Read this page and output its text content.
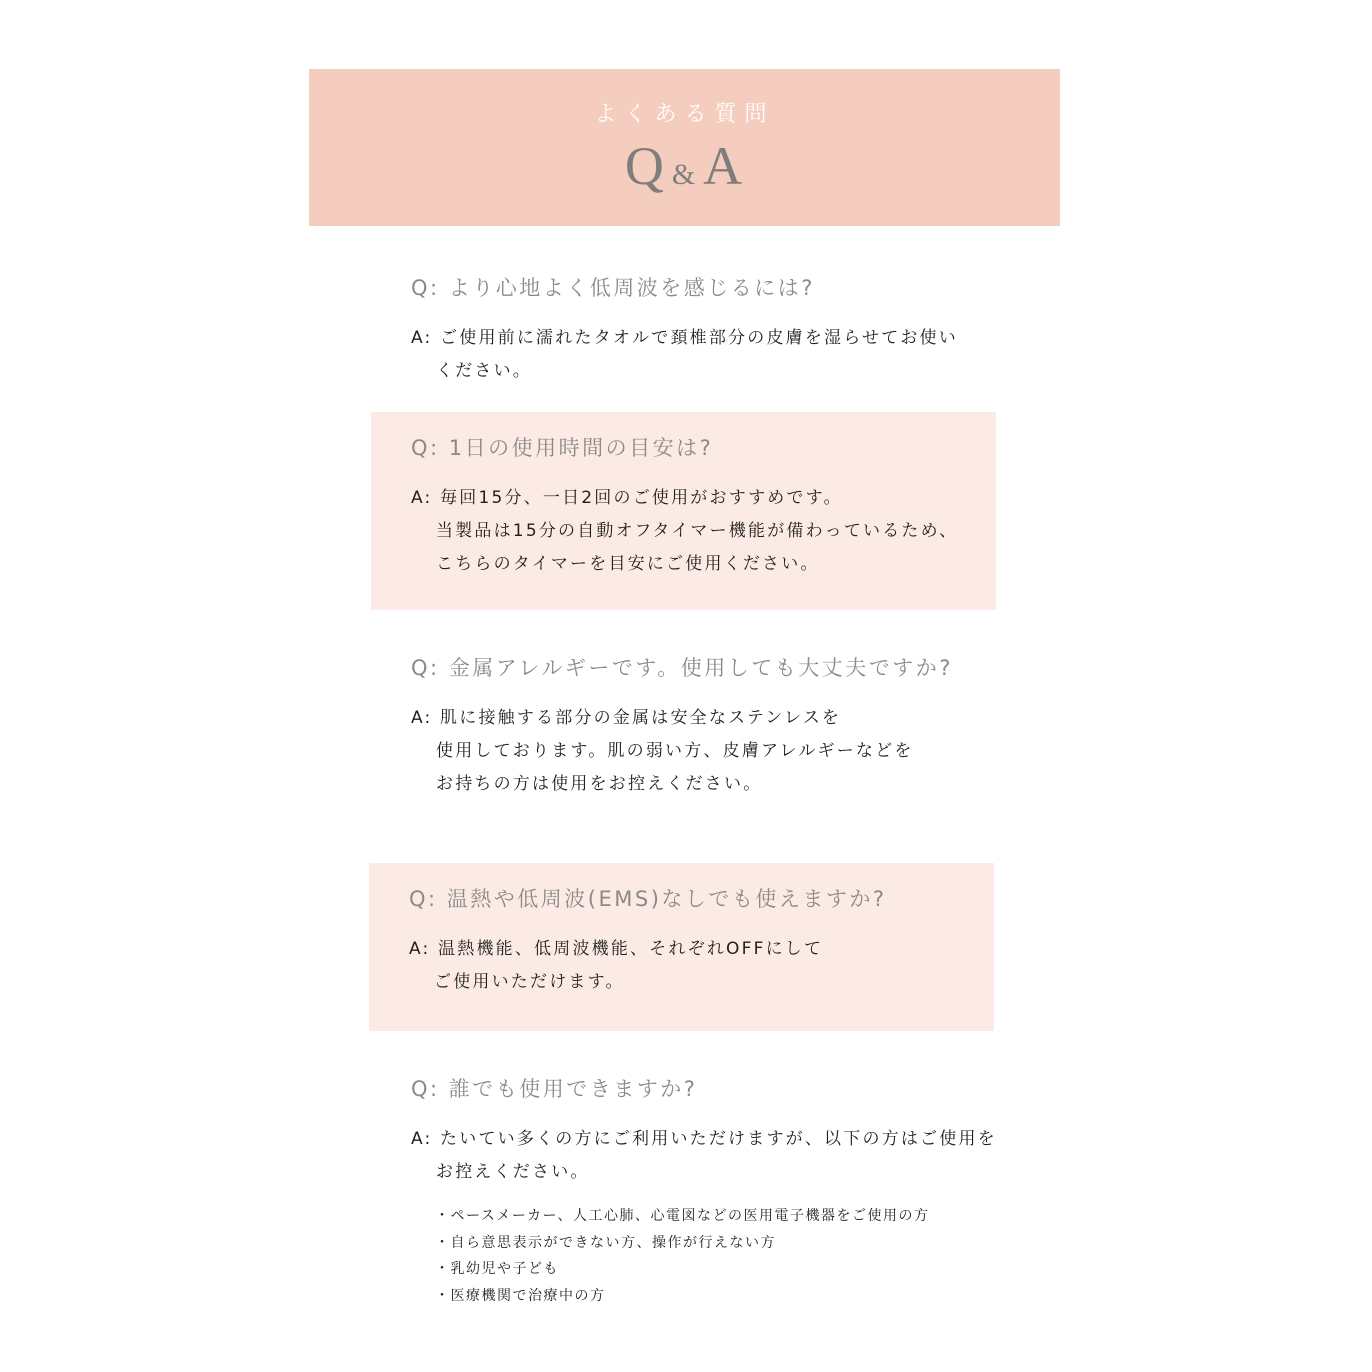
よくある質問
Q & A
Q: より心地よく低周波を感じるには?
A: ご使用前に濡れたタオルで頚椎部分の皮膚を湿らせてお使い
ください。
Q: 1日の使用時間の目安は?
A: 毎回15分、一日2回のご使用がおすすめです。
当製品は15分の自動オフタイマー機能が備わっているため、
こちらのタイマーを目安にご使用ください。
Q: 金属アレルギーです。使用しても大丈夫ですか?
A: 肌に接触する部分の金属は安全なステンレスを
使用しております。肌の弱い方、皮膚アレルギーなどを
お持ちの方は使用をお控えください。
Q: 温熱や低周波(EMS)なしでも使えますか?
A: 温熱機能、低周波機能、それぞれOFFにして
ご使用いただけます。
Q: 誰でも使用できますか?
A: たいてい多くの方にご利用いただけますが、以下の方はご使用を
お控えください。
・ペースメーカー、人工心肺、心電図などの医用電子機器をご使用の方
・自ら意思表示ができない方、操作が行えない方
・乳幼児や子ども
・医療機関で治療中の方
